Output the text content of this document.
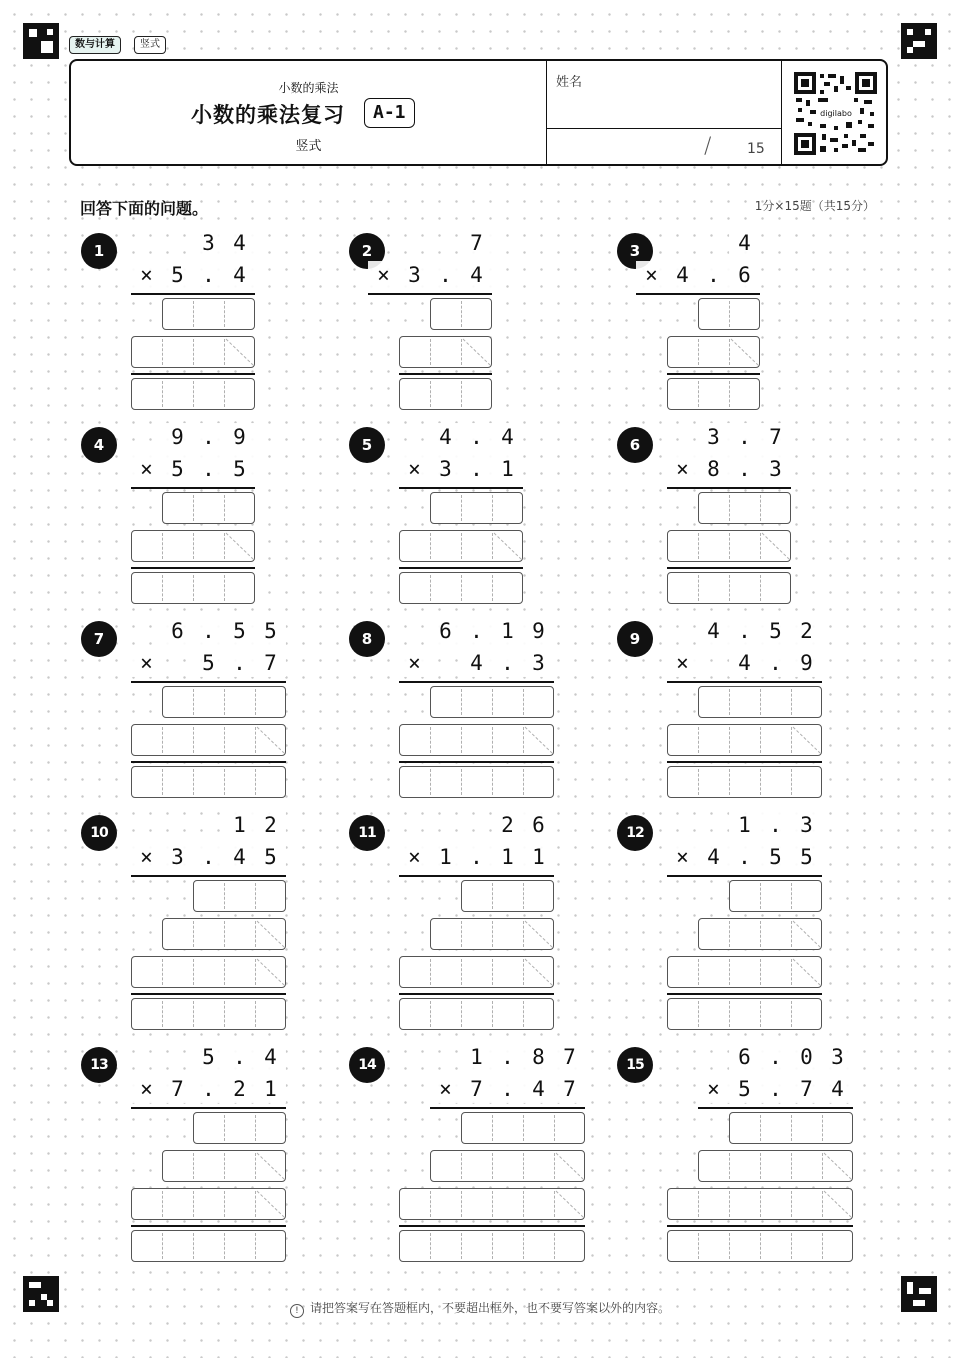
数与计算	竖式
小数的乘法
小数的乘法复习	A-1
竖式
姓名
/	15
digilabo
回答下面的问题。	1分×15题（共15分）
1	3 4
5 . 4
×
2	7
3 . 4
×
3	4
4 . 6
×
4	9 . 9
5 . 5
×
5	4 . 4
3 . 1
×
6	3 . 7
8 . 3
×
7	6 . 5 5
5 . 7
×
8	6 . 1 9
4 . 3
×
9	4 . 5 2
4 . 9
×
10	1 2
3 . 4 5
×
11	2 6
1 . 1 1
×
12	1 . 3
4 . 5 5
×
13	5 . 4
7 . 2 1
×
14	1 . 8 7
7 . 4 7
×
15	6 . 0 3
5 . 7 4
×
! 请把答案写在答题框内，不要超出框外，也不要写答案以外的内容。
